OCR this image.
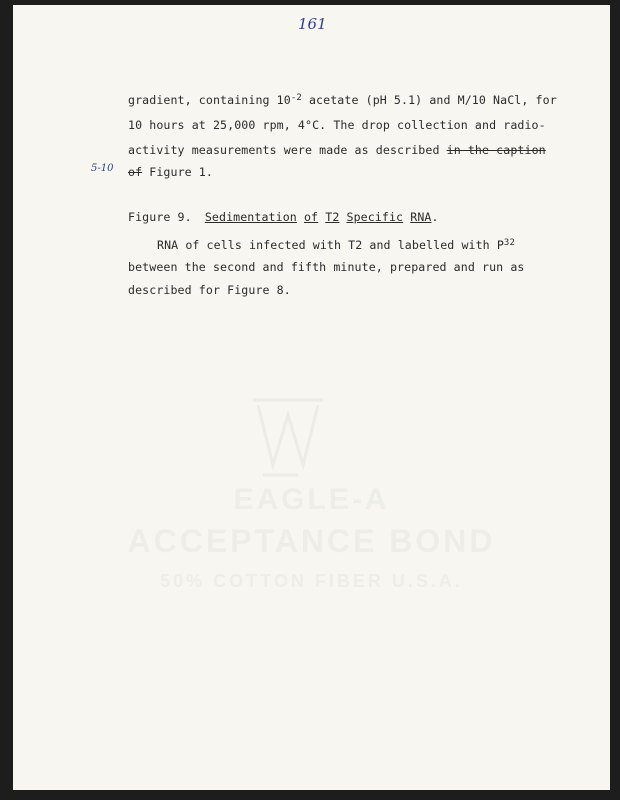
EAGLE-A
ACCEPTANCE BOND
50% COTTON FIBER U.S.A.
161
gradient, containing $10^{-2}$ acetate (pH 5.1) and M/10 NaCl, for
10 hours at 25,000 rpm, 4°C. The drop collection and radio-
activity measurements were made as described in the caption
5-10 of Figure 1.
Figure 9. Sedimentation of T2 Specific RNA.
RNA of cells infected with T2 and labelled with $P^{32}$
between the second and fifth minute, prepared and run as
described for Figure 8.
